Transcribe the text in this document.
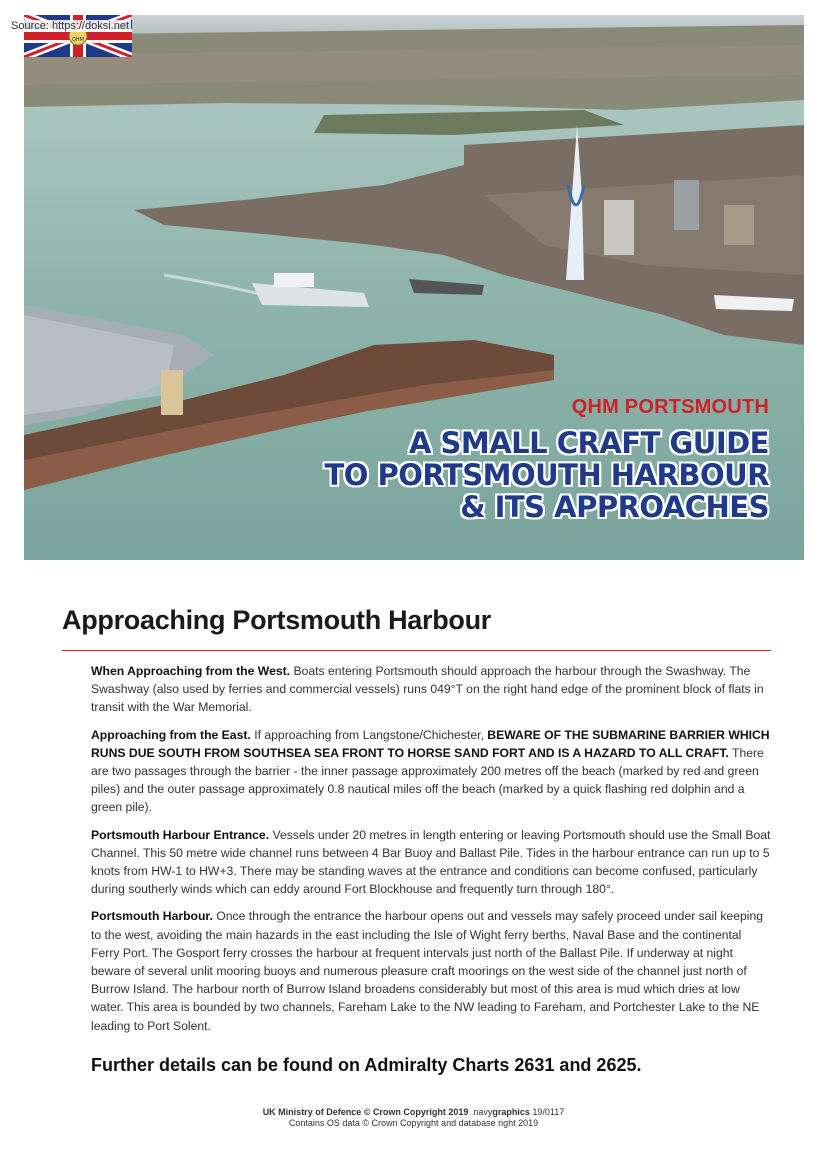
Source: https://doksi.net
QHM
QHM PORTSMOUTH
A SMALL CRAFT GUIDE
TO PORTSMOUTH HARBOUR
& ITS APPROACHES
Approaching Portsmouth Harbour

When Approaching from the West. Boats entering Portsmouth should approach the harbour through the Swashway. The Swashway (also used by ferries and commercial vessels) runs 049°T on the right hand edge of the prominent block of flats in transit with the War Memorial.

Approaching from the East. If approaching from Langstone/Chichester, BEWARE OF THE SUBMARINE BARRIER WHICH RUNS DUE SOUTH FROM SOUTHSEA SEA FRONT TO HORSE SAND FORT AND IS A HAZARD TO ALL CRAFT. There are two passages through the barrier - the inner passage approximately 200 metres off the beach (marked by red and green piles) and the outer passage approximately 0.8 nautical miles off the beach (marked by a quick flashing red dolphin and a green pile).

Portsmouth Harbour Entrance. Vessels under 20 metres in length entering or leaving Portsmouth should use the Small Boat Channel. This 50 metre wide channel runs between 4 Bar Buoy and Ballast Pile. Tides in the harbour entrance can run up to 5 knots from HW-1 to HW+3. There may be standing waves at the entrance and conditions can become confused, particularly during southerly winds which can eddy around Fort Blockhouse and frequently turn through 180°.

Portsmouth Harbour. Once through the entrance the harbour opens out and vessels may safely proceed under sail keeping to the west, avoiding the main hazards in the east including the Isle of Wight ferry berths, Naval Base and the continental Ferry Port. The Gosport ferry crosses the harbour at frequent intervals just north of the Ballast Pile. If underway at night beware of several unlit mooring buoys and numerous pleasure craft moorings on the west side of the channel just north of Burrow Island. The harbour north of Burrow Island broadens considerably but most of this area is mud which dries at low water. This area is bounded by two channels, Fareham Lake to the NW leading to Fareham, and Portchester Lake to the NE leading to Port Solent.

Further details can be found on Admiralty Charts 2631 and 2625.
UK Ministry of Defence © Crown Copyright 2019 navygraphics 19/0117
Contains OS data © Crown Copyright and database right 2019
